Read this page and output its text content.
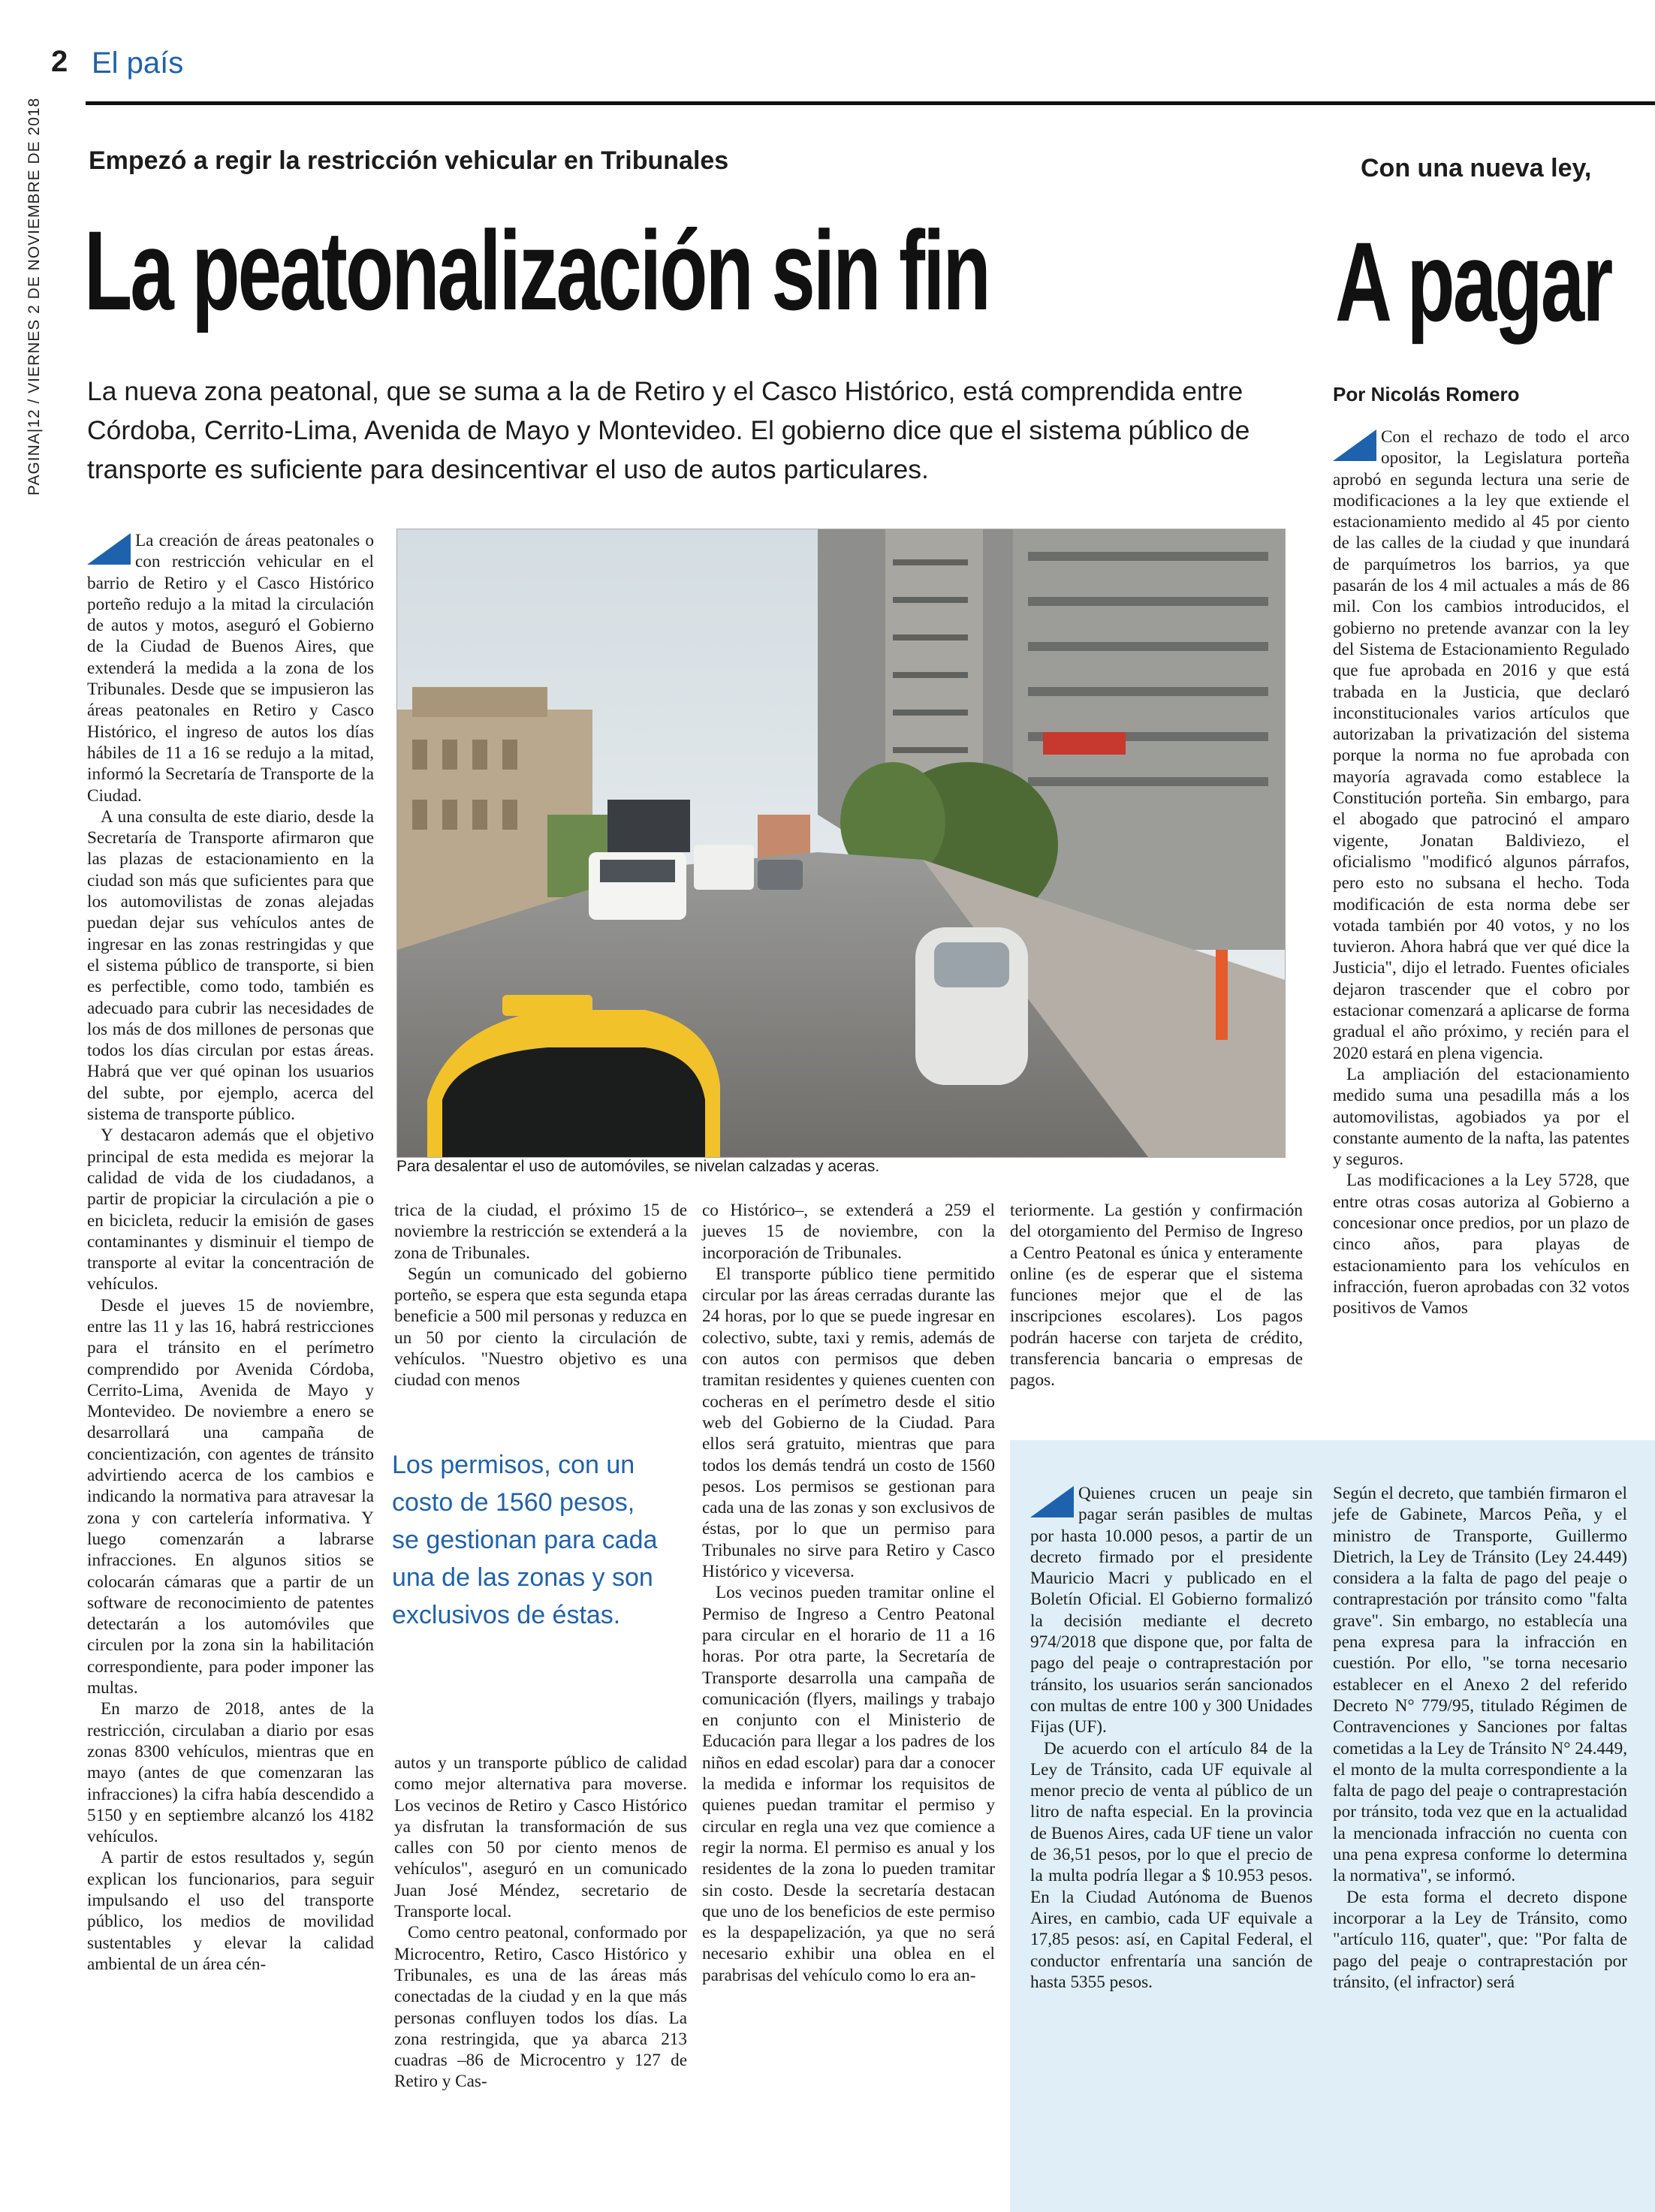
PAGINA|12 / VIERNES 2 DE NOVIEMBRE DE 2018
2 El país
Empezó a regir la restricción vehicular en Tribunales
La peatonalización sin fin
La nueva zona peatonal, que se suma a la de Retiro y el Casco Histórico, está comprendida entre Córdoba, Cerrito-Lima, Avenida de Mayo y Montevideo. El gobierno dice que el sistema público de transporte es suficiente para desincentivar el uso de autos particulares.
Con una nueva ley,
A pagar
Por Nicolás Romero

La creación de áreas peatonales o con restricción vehicular en el barrio de Retiro y el Casco Histórico porteño redujo a la mitad la circulación de autos y motos, aseguró el Gobierno de la Ciudad de Buenos Aires, que extenderá la medida a la zona de los Tribunales. Desde que se impusieron las áreas peatonales en Retiro y Casco Histórico, el ingreso de autos los días hábiles de 11 a 16 se redujo a la mitad, informó la Secretaría de Transporte de la Ciudad.

A una consulta de este diario, desde la Secretaría de Transporte afirmaron que las plazas de estacionamiento en la ciudad son más que suficientes para que los automovilistas de zonas alejadas puedan dejar sus vehículos antes de ingresar en las zonas restringidas y que el sistema público de transporte, si bien es perfectible, como todo, también es adecuado para cubrir las necesidades de los más de dos millones de personas que todos los días circulan por estas áreas. Habrá que ver qué opinan los usuarios del subte, por ejemplo, acerca del sistema de transporte público.

Y destacaron además que el objetivo principal de esta medida es mejorar la calidad de vida de los ciudadanos, a partir de propiciar la circulación a pie o en bicicleta, reducir la emisión de gases contaminantes y disminuir el tiempo de transporte al evitar la concentración de vehículos.

Desde el jueves 15 de noviembre, entre las 11 y las 16, habrá restricciones para el tránsito en el perímetro comprendido por Avenida Córdoba, Cerrito-Lima, Avenida de Mayo y Montevideo. De noviembre a enero se desarrollará una campaña de concientización, con agentes de tránsito advirtiendo acerca de los cambios e indicando la normativa para atravesar la zona y con cartelería informativa. Y luego comenzarán a labrarse infracciones. En algunos sitios se colocarán cámaras que a partir de un software de reconocimiento de patentes detectarán a los automóviles que circulen por la zona sin la habilitación correspondiente, para poder imponer las multas.

En marzo de 2018, antes de la restricción, circulaban a diario por esas zonas 8300 vehículos, mientras que en mayo (antes de que comenzaran las infracciones) la cifra había descendido a 5150 y en septiembre alcanzó los 4182 vehículos.

A partir de estos resultados y, según explican los funcionarios, para seguir impulsando el uso del transporte público, los medios de movilidad sustentables y elevar la calidad ambiental de un área cén-

Para desalentar el uso de automóviles, se nivelan calzadas y aceras.

trica de la ciudad, el próximo 15 de noviembre la restricción se extenderá a la zona de Tribunales.

Según un comunicado del gobierno porteño, se espera que esta segunda etapa beneficie a 500 mil personas y reduzca en un 50 por ciento la circulación de vehículos. "Nuestro objetivo es una ciudad con menos

Los permisos, con un costo de 1560 pesos, se gestionan para cada una de las zonas y son exclusivos de éstas.

autos y un transporte público de calidad como mejor alternativa para moverse. Los vecinos de Retiro y Casco Histórico ya disfrutan la transformación de sus calles con 50 por ciento menos de vehículos", aseguró en un comunicado Juan José Méndez, secretario de Transporte local.

Como centro peatonal, conformado por Microcentro, Retiro, Casco Histórico y Tribunales, es una de las áreas más conectadas de la ciudad y en la que más personas confluyen todos los días. La zona restringida, que ya abarca 213 cuadras –86 de Microcentro y 127 de Retiro y Cas-

co Histórico–, se extenderá a 259 el jueves 15 de noviembre, con la incorporación de Tribunales.

El transporte público tiene permitido circular por las áreas cerradas durante las 24 horas, por lo que se puede ingresar en colectivo, subte, taxi y remis, además de con autos con permisos que deben tramitan residentes y quienes cuenten con cocheras en el perímetro desde el sitio web del Gobierno de la Ciudad. Para ellos será gratuito, mientras que para todos los demás tendrá un costo de 1560 pesos. Los permisos se gestionan para cada una de las zonas y son exclusivos de éstas, por lo que un permiso para Tribunales no sirve para Retiro y Casco Histórico y viceversa.

Los vecinos pueden tramitar online el Permiso de Ingreso a Centro Peatonal para circular en el horario de 11 a 16 horas. Por otra parte, la Secretaría de Transporte desarrolla una campaña de comunicación (flyers, mailings y trabajo en conjunto con el Ministerio de Educación para llegar a los padres de los niños en edad escolar) para dar a conocer la medida e informar los requisitos de quienes puedan tramitar el permiso y circular en regla una vez que comience a regir la norma. El permiso es anual y los residentes de la zona lo pueden tramitar sin costo. Desde la secretaría destacan que uno de los beneficios de este permiso es la despapelización, ya que no será necesario exhibir una oblea en el parabrisas del vehículo como lo era an-

teriormente. La gestión y confirmación del otorgamiento del Permiso de Ingreso a Centro Peatonal es única y enteramente online (es de esperar que el sistema funciones mejor que el de las inscripciones escolares). Los pagos podrán hacerse con tarjeta de crédito, transferencia bancaria o empresas de pagos.

Con el rechazo de todo el arco opositor, la Legislatura porteña aprobó en segunda lectura una serie de modificaciones a la ley que extiende el estacionamiento medido al 45 por ciento de las calles de la ciudad y que inundará de parquímetros los barrios, ya que pasarán de los 4 mil actuales a más de 86 mil. Con los cambios introducidos, el gobierno no pretende avanzar con la ley del Sistema de Estacionamiento Regulado que fue aprobada en 2016 y que está trabada en la Justicia, que declaró inconstitucionales varios artículos que autorizaban la privatización del sistema porque la norma no fue aprobada con mayoría agravada como establece la Constitución porteña. Sin embargo, para el abogado que patrocinó el amparo vigente, Jonatan Baldiviezo, el oficialismo "modificó algunos párrafos, pero esto no subsana el hecho. Toda modificación de esta norma debe ser votada también por 40 votos, y no los tuvieron. Ahora habrá que ver qué dice la Justicia", dijo el letrado. Fuentes oficiales dejaron trascender que el cobro por estacionar comenzará a aplicarse de forma gradual el año próximo, y recién para el 2020 estará en plena vigencia.

La ampliación del estacionamiento medido suma una pesadilla más a los automovilistas, agobiados ya por el constante aumento de la nafta, las patentes y seguros.

Las modificaciones a la Ley 5728, que entre otras cosas autoriza al Gobierno a concesionar once predios, por un plazo de cinco años, para playas de estacionamiento para los vehículos en infracción, fueron aprobadas con 32 votos positivos de Vamos

Quienes crucen un peaje sin pagar serán pasibles de multas por hasta 10.000 pesos, a partir de un decreto firmado por el presidente Mauricio Macri y publicado en el Boletín Oficial. El Gobierno formalizó la decisión mediante el decreto 974/2018 que dispone que, por falta de pago del peaje o contraprestación por tránsito, los usuarios serán sancionados con multas de entre 100 y 300 Unidades Fijas (UF).

De acuerdo con el artículo 84 de la Ley de Tránsito, cada UF equivale al menor precio de venta al público de un litro de nafta especial. En la provincia de Buenos Aires, cada UF tiene un valor de 36,51 pesos, por lo que el precio de la multa podría llegar a $ 10.953 pesos. En la Ciudad Autónoma de Buenos Aires, en cambio, cada UF equivale a 17,85 pesos: así, en Capital Federal, el conductor enfrentaría una sanción de hasta 5355 pesos.

Según el decreto, que también firmaron el jefe de Gabinete, Marcos Peña, y el ministro de Transporte, Guillermo Dietrich, la Ley de Tránsito (Ley 24.449) considera a la falta de pago del peaje o contraprestación por tránsito como "falta grave". Sin embargo, no establecía una pena expresa para la infracción en cuestión. Por ello, "se torna necesario establecer en el Anexo 2 del referido Decreto N° 779/95, titulado Régimen de Contravenciones y Sanciones por faltas cometidas a la Ley de Tránsito N° 24.449, el monto de la multa correspondiente a la falta de pago del peaje o contraprestación por tránsito, toda vez que en la actualidad la mencionada infracción no cuenta con una pena expresa conforme lo determina la normativa", se informó.

De esta forma el decreto dispone incorporar a la Ley de Tránsito, como "artículo 116, quater", que: "Por falta de pago del peaje o contraprestación por tránsito, (el infractor) será
